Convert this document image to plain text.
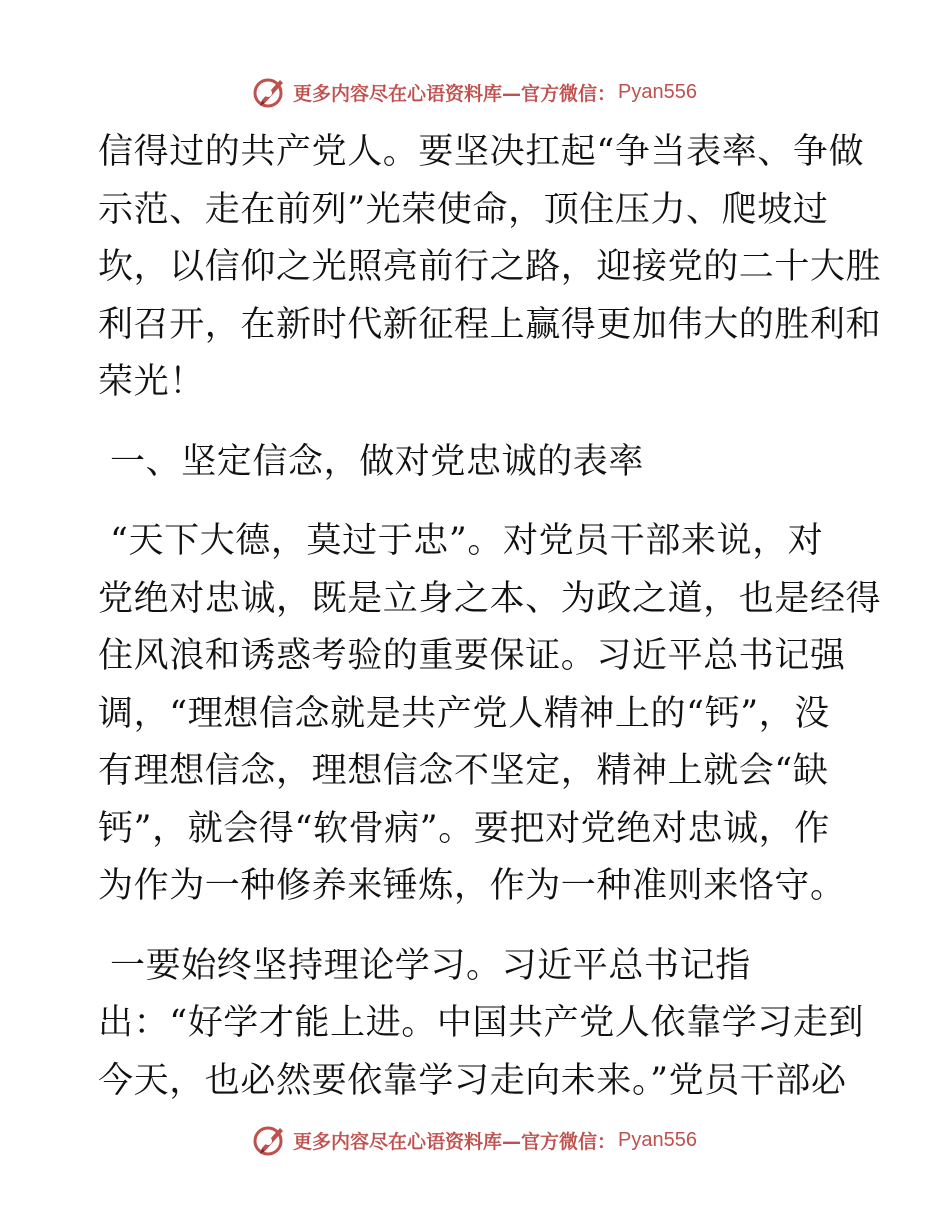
更多内容尽在心语资料库—官方微信： Pyan556
信得过的共产党人。要坚决扛起“争当表率、争做
示范、走在前列”光荣使命，顶住压力、爬坡过
坎，以信仰之光照亮前行之路，迎接党的二十大胜
利召开，在新时代新征程上赢得更加伟大的胜利和
荣光！
一、坚定信念，做对党忠诚的表率
“天下大德，莫过于忠”。对党员干部来说，对
党绝对忠诚，既是立身之本、为政之道，也是经得
住风浪和诱惑考验的重要保证。习近平总书记强
调，“理想信念就是共产党人精神上的“钙”，没
有理想信念，理想信念不坚定，精神上就会“缺
钙”，就会得“软骨病”。要把对党绝对忠诚，作
为作为一种修养来锤炼，作为一种准则来恪守。
一要始终坚持理论学习。习近平总书记指
出：“好学才能上进。中国共产党人依靠学习走到
今天，也必然要依靠学习走向未来。”党员干部必
更多内容尽在心语资料库—官方微信： Pyan556
